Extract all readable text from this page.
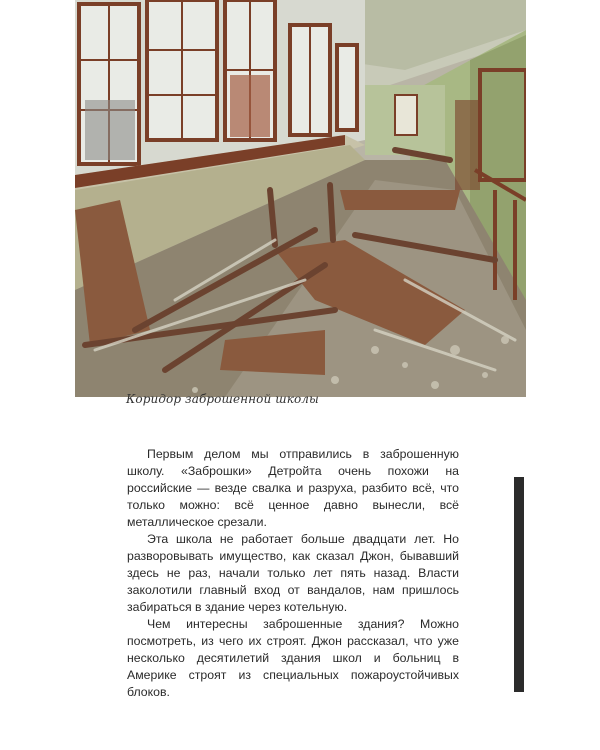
Коридор заброшенной школы

Первым делом мы отправились в заброшенную школу. «Заброшки» Детройта очень похожи на российские — везде свалка и разруха, разбито всё, что только можно: всё ценное давно вынесли, всё металлическое срезали.

Эта школа не работает больше двадцати лет. Но разворовывать имущество, как сказал Джон, бывавший здесь не раз, начали только лет пять назад. Власти заколотили главный вход от вандалов, нам пришлось забираться в здание через котельную.

Чем интересны заброшенные здания? Можно посмотреть, из чего их строят. Джон рассказал, что уже несколько десятилетий здания школ и больниц в Америке строят из специальных пожароустойчивых блоков.
